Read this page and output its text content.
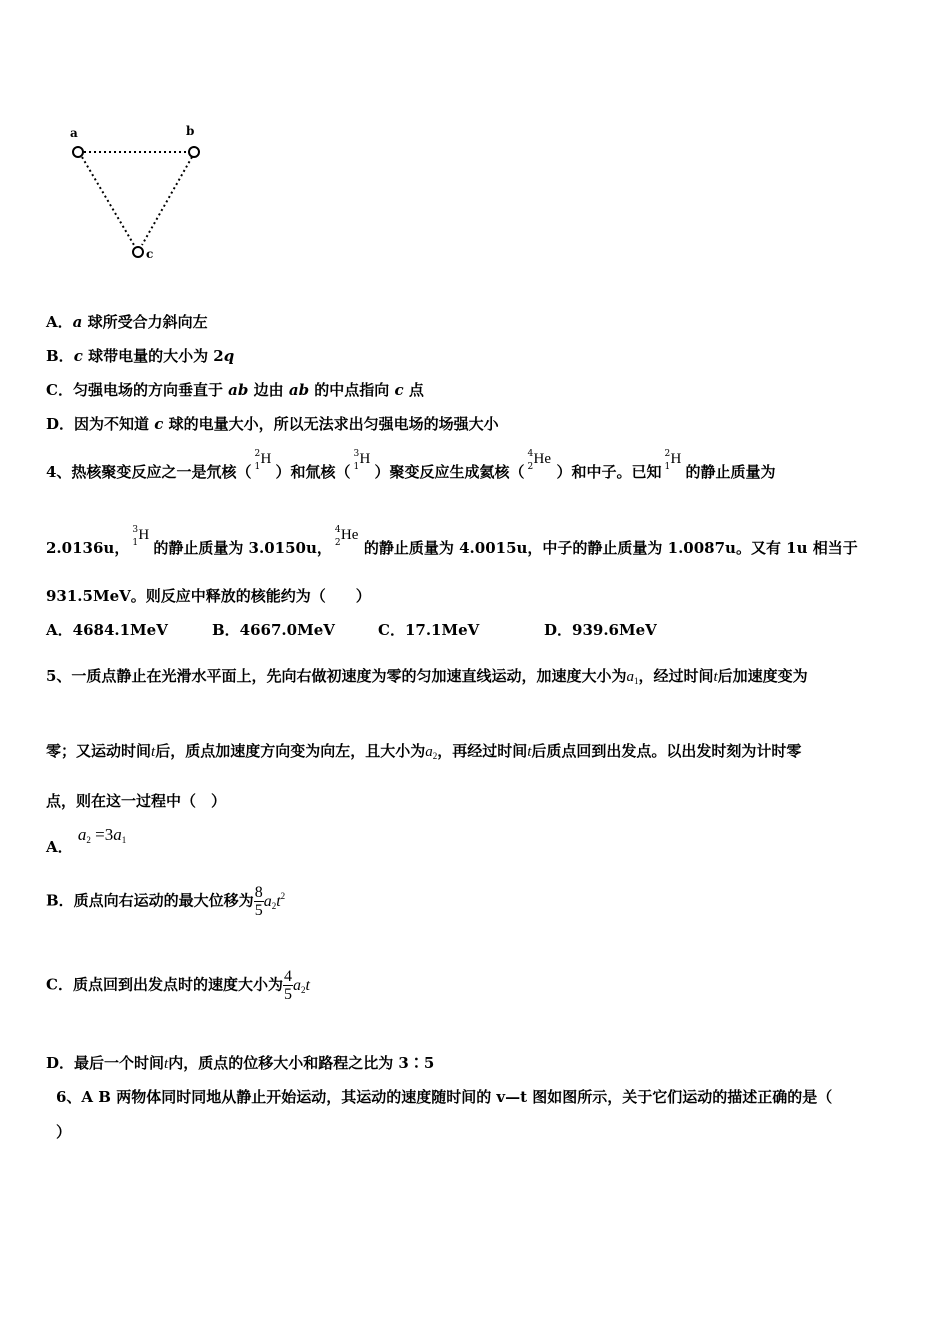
a	b
c
A．a 球所受合力斜向左
B．c 球带电量的大小为 2q
C．匀强电场的方向垂直于 ab 边由 ab 的中点指向 c 点
D．因为不知道 c 球的电量大小，所以无法求出匀强电场的场强大小
4、热核聚变反应之一是氘核（
2
1 H
）和氚核（
3
1 H
）聚变反应生成氦核（
4
2 He
）和中子。已知
2
1 H
的静止质量为
2.0136u，
3
1 H
的静止质量为 3.0150u，
4
2 He
的静止质量为 4.0015u，中子的静止质量为 1.0087u。又有 1u 相当于
931.5MeV。则反应中释放的核能约为（　　）
A．4684.1MeV	B．4667.0MeV	C．17.1MeV	D．939.6MeV
5、一质点静止在光滑水平面上，先向右做初速度为零的匀加速直线运动，加速度大小为$a_1$，经过时间t后加速度变为
零；又运动时间t后，质点加速度方向变为向左，且大小为$a_2$，再经过时间t后质点回到出发点。以出发时刻为计时零
点，则在这一过程中（　）
A． $a_2 =3a_1$
B．质点向右运动的最大位移为 $\frac{8}{5} a_2t^2$
C．质点回到出发点时的速度大小为 $\frac{4}{5} a_2t$
D．最后一个时间t内，质点的位移大小和路程之比为 3∶5
6、A B 两物体同时同地从静止开始运动，其运动的速度随时间的 v—t 图如图所示，关于它们运动的描述正确的是（
）
